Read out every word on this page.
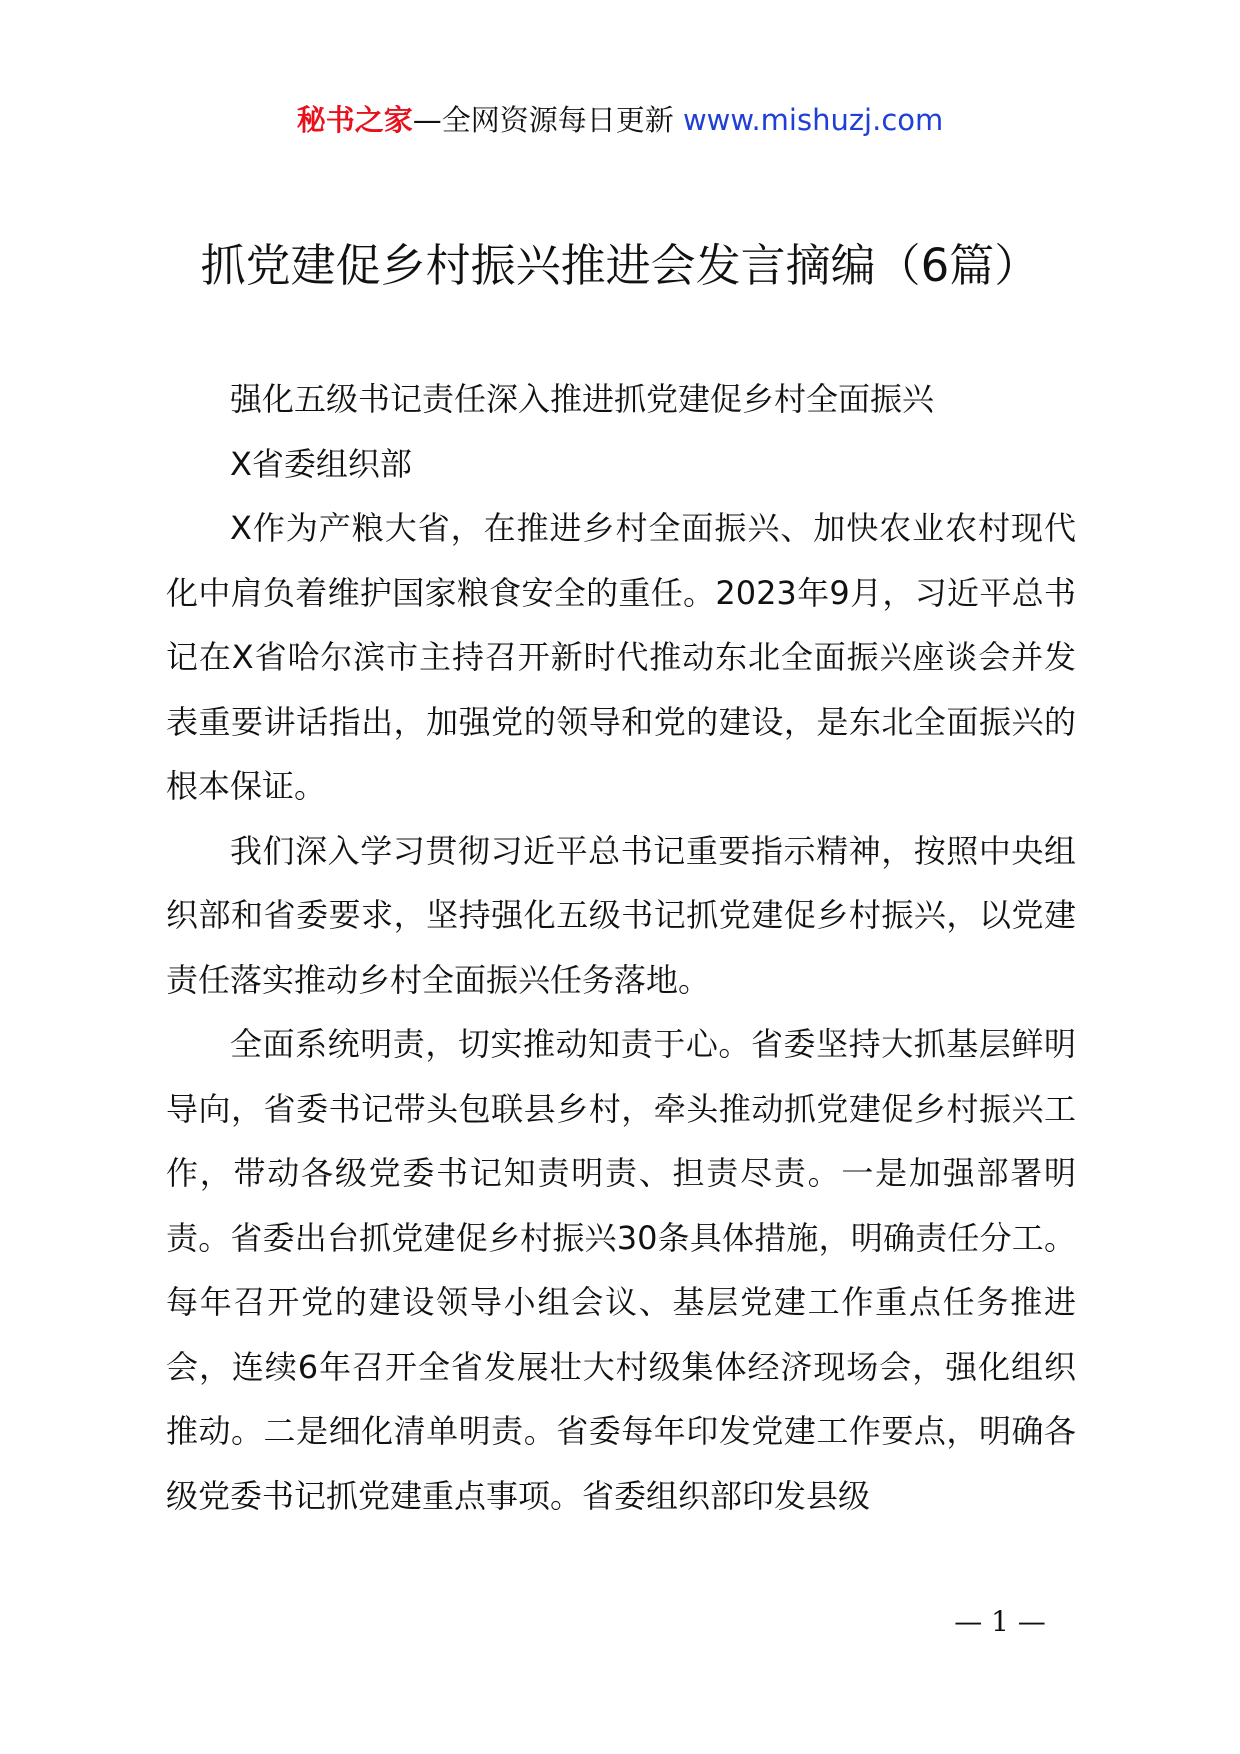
秘书之家—全网资源每日更新 www.mishuzj.com
抓党建促乡村振兴推进会发言摘编（6篇）

强化五级书记责任深入推进抓党建促乡村全面振兴

X省委组织部

X作为产粮大省，在推进乡村全面振兴、加快农业农村现代化中肩负着维护国家粮食安全的重任。2023年9月，习近平总书记在X省哈尔滨市主持召开新时代推动东北全面振兴座谈会并发表重要讲话指出，加强党的领导和党的建设，是东北全面振兴的根本保证。

我们深入学习贯彻习近平总书记重要指示精神，按照中央组织部和省委要求，坚持强化五级书记抓党建促乡村振兴，以党建责任落实推动乡村全面振兴任务落地。

全面系统明责，切实推动知责于心。省委坚持大抓基层鲜明导向，省委书记带头包联县乡村，牵头推动抓党建促乡村振兴工作，带动各级党委书记知责明责、担责尽责。一是加强部署明责。省委出台抓党建促乡村振兴30条具体措施，明确责任分工。每年召开党的建设领导小组会议、基层党建工作重点任务推进会，连续6年召开全省发展壮大村级集体经济现场会，强化组织推动。二是细化清单明责。省委每年印发党建工作要点，明确各级党委书记抓党建重点事项。省委组织部印发县级

— 1 —
